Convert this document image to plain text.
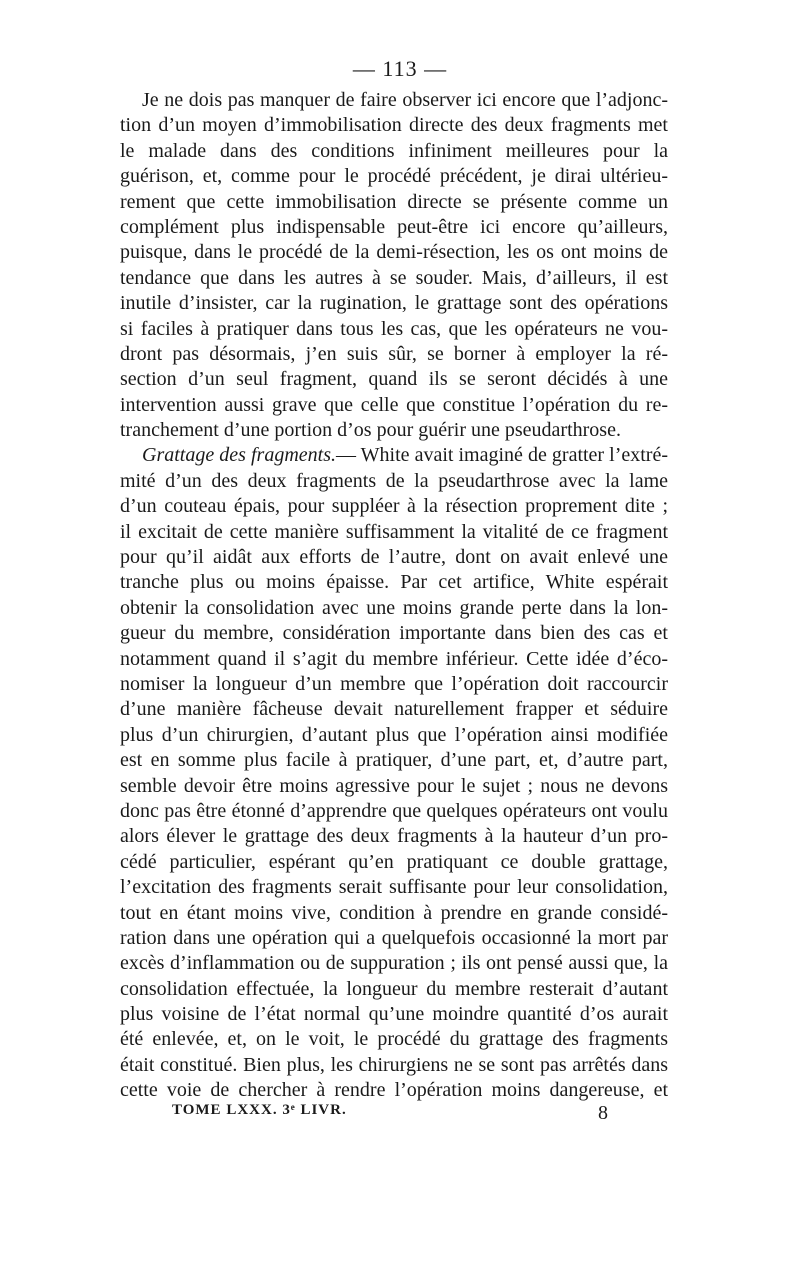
— 113 —
Je ne dois pas manquer de faire observer ici encore que l’adjonc-
tion d’un moyen d’immobilisation directe des deux fragments met
le malade dans des conditions infiniment meilleures pour la
guérison, et, comme pour le procédé précédent, je dirai ultérieu-
rement que cette immobilisation directe se présente comme un
complément plus indispensable peut-être ici encore qu’ailleurs,
puisque, dans le procédé de la demi-résection, les os ont moins de
tendance que dans les autres à se souder. Mais, d’ailleurs, il est
inutile d’insister, car la rugination, le grattage sont des opérations
si faciles à pratiquer dans tous les cas, que les opérateurs ne vou-
dront pas désormais, j’en suis sûr, se borner à employer la ré-
section d’un seul fragment, quand ils se seront décidés à une
intervention aussi grave que celle que constitue l’opération du re-
tranchement d’une portion d’os pour guérir une pseudarthrose.
Grattage des fragments.— White avait imaginé de gratter l’extré-
mité d’un des deux fragments de la pseudarthrose avec la lame
d’un couteau épais, pour suppléer à la résection proprement dite ;
il excitait de cette manière suffisamment la vitalité de ce fragment
pour qu’il aidât aux efforts de l’autre, dont on avait enlevé une
tranche plus ou moins épaisse. Par cet artifice, White espérait
obtenir la consolidation avec une moins grande perte dans la lon-
gueur du membre, considération importante dans bien des cas et
notamment quand il s’agit du membre inférieur. Cette idée d’éco-
nomiser la longueur d’un membre que l’opération doit raccourcir
d’une manière fâcheuse devait naturellement frapper et séduire
plus d’un chirurgien, d’autant plus que l’opération ainsi modifiée
est en somme plus facile à pratiquer, d’une part, et, d’autre part,
semble devoir être moins agressive pour le sujet ; nous ne devons
donc pas être étonné d’apprendre que quelques opérateurs ont voulu
alors élever le grattage des deux fragments à la hauteur d’un pro-
cédé particulier, espérant qu’en pratiquant ce double grattage,
l’excitation des fragments serait suffisante pour leur consolidation,
tout en étant moins vive, condition à prendre en grande considé-
ration dans une opération qui a quelquefois occasionné la mort par
excès d’inflammation ou de suppuration ; ils ont pensé aussi que, la
consolidation effectuée, la longueur du membre resterait d’autant
plus voisine de l’état normal qu’une moindre quantité d’os aurait
été enlevée, et, on le voit, le procédé du grattage des fragments
était constitué. Bien plus, les chirurgiens ne se sont pas arrêtés dans
cette voie de chercher à rendre l’opération moins dangereuse, et
TOME LXXX. 3ᵉ LIVR.	8
